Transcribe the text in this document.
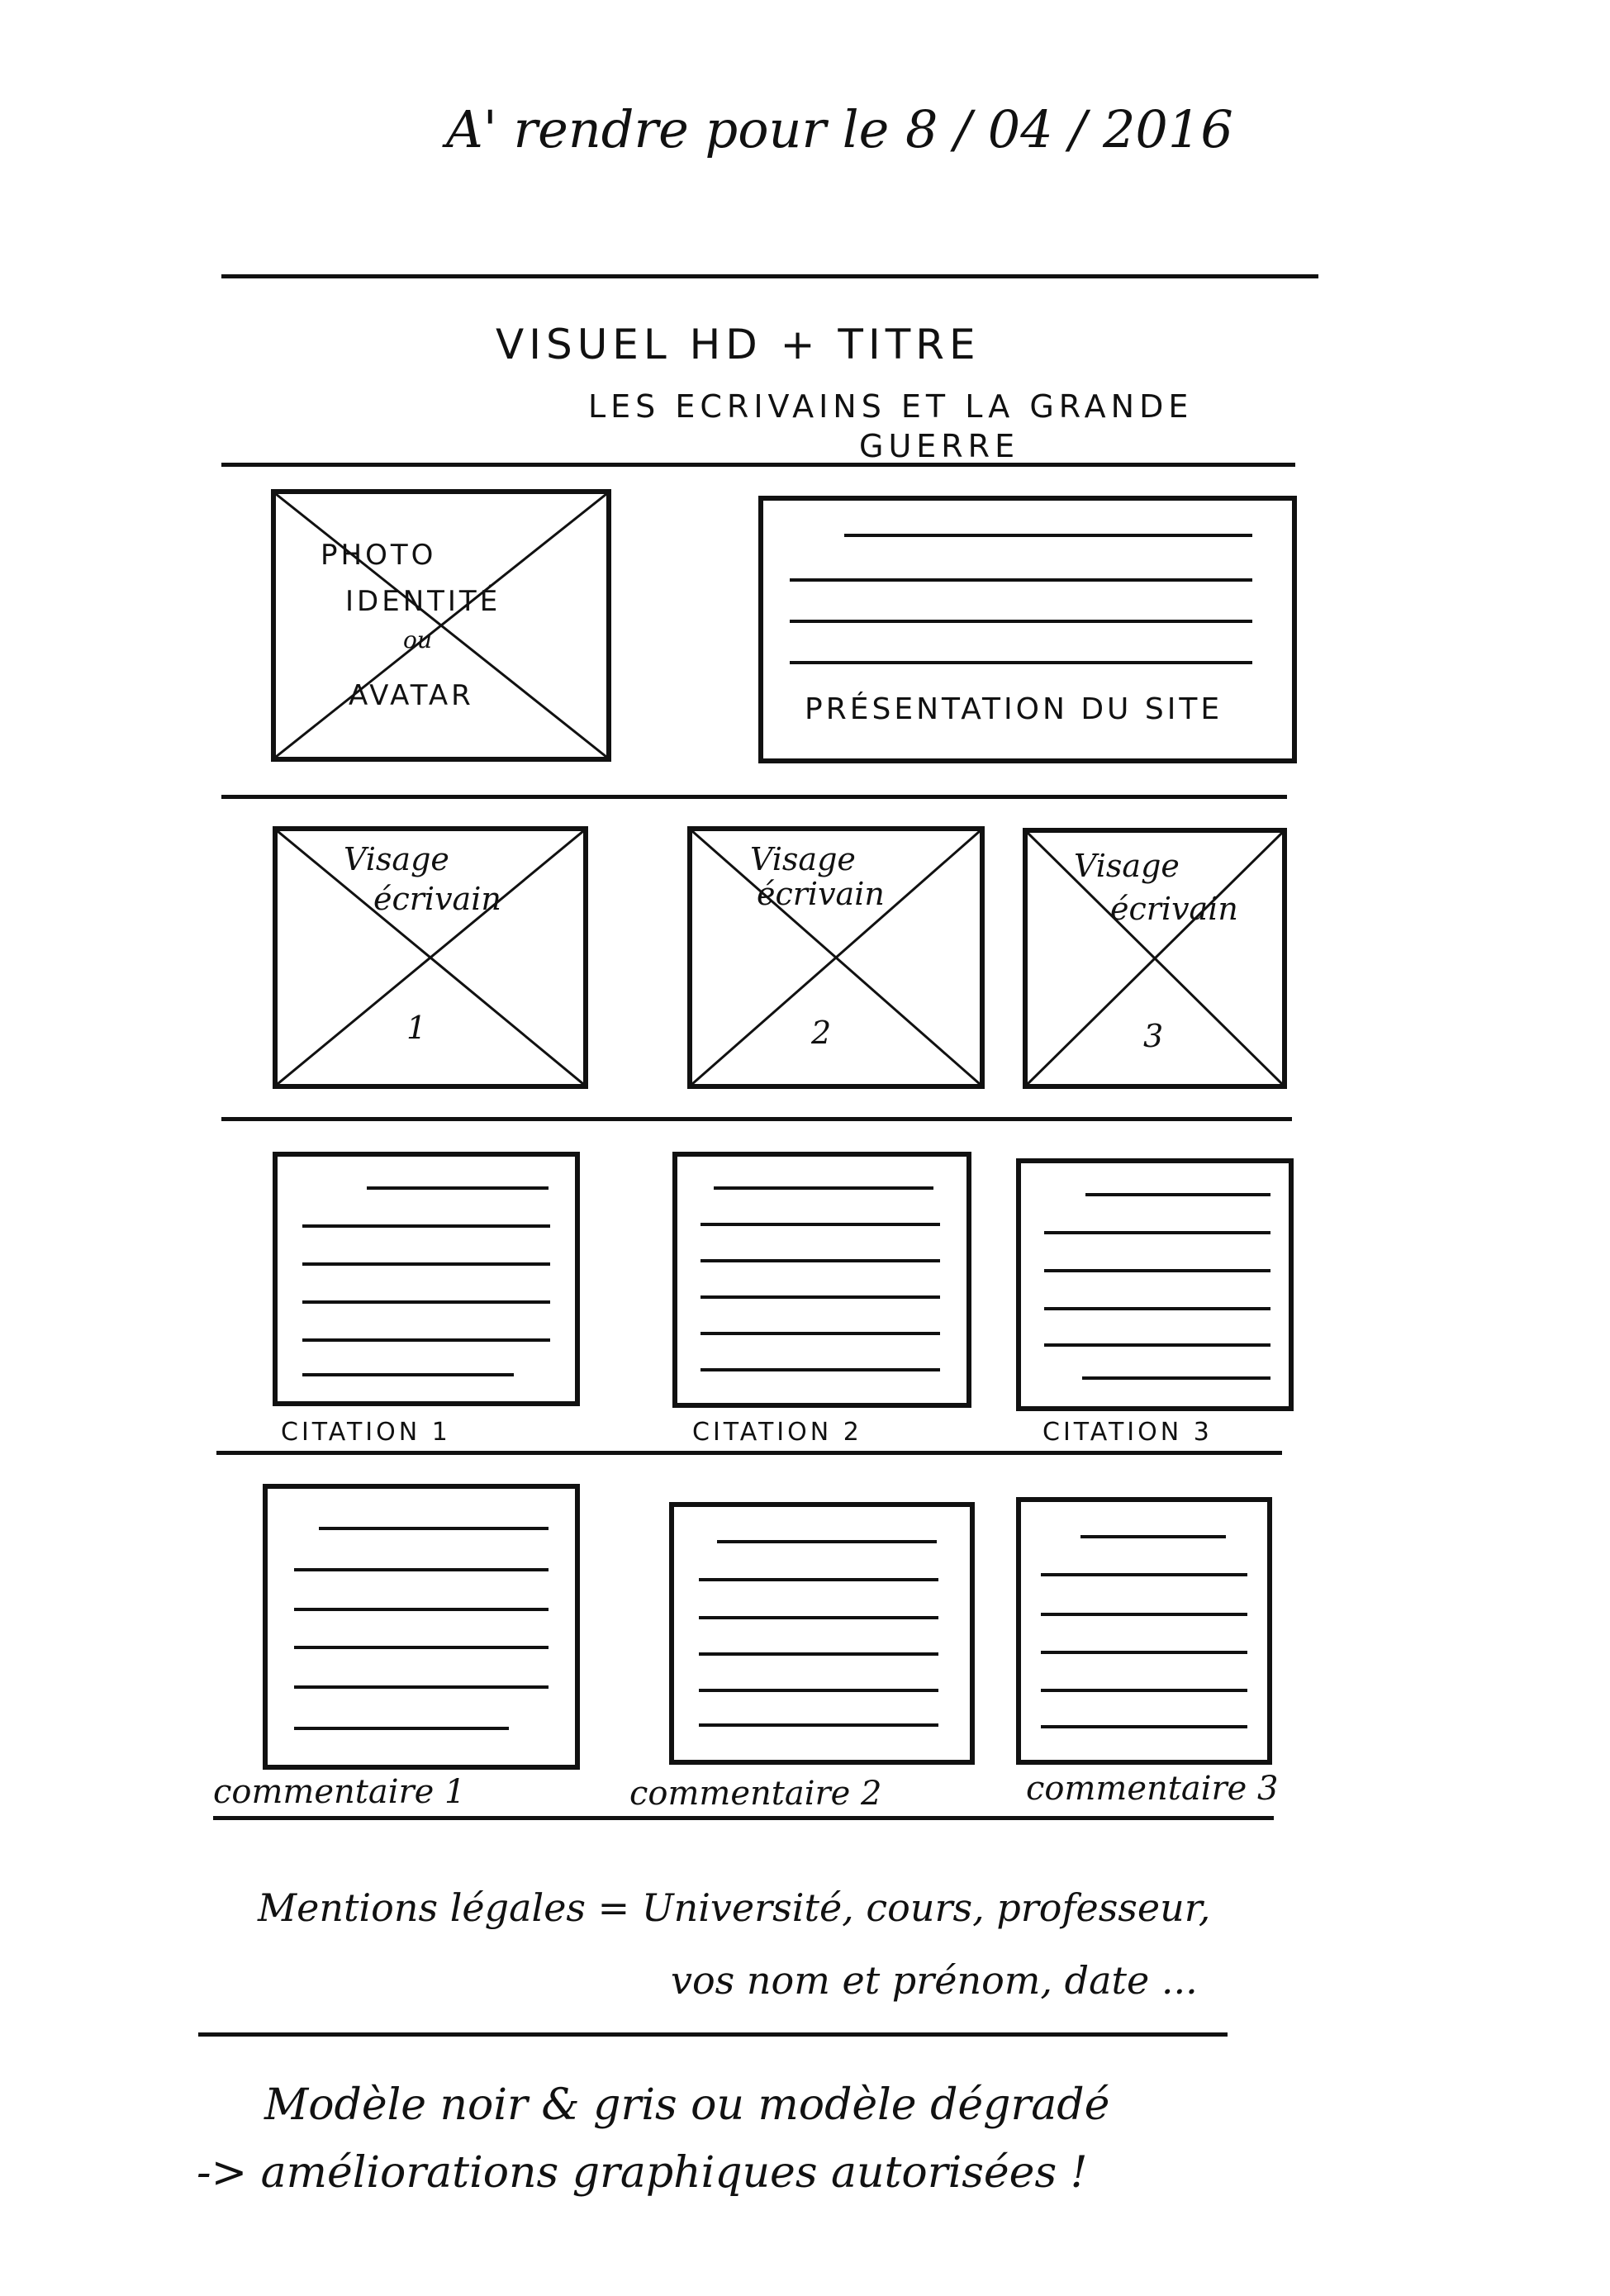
A' rendre pour le 8 / 04 / 2016
VISUEL HD + TITRE
LES ECRIVAINS ET LA GRANDE
GUERRE
PHOTO
IDENTITÉ
ou
AVATAR	PRÉSENTATION DU SITE
Visage
écrivain
1
Visage
écrivain
2
Visage
écrivain
3
CITATION 1	CITATION 2	CITATION 3
commentaire 1	commentaire 2	commentaire 3
Mentions légales = Université, cours, professeur,
vos nom et prénom, date ...
Modèle noir & gris ou modèle dégradé
-> améliorations graphiques autorisées !
